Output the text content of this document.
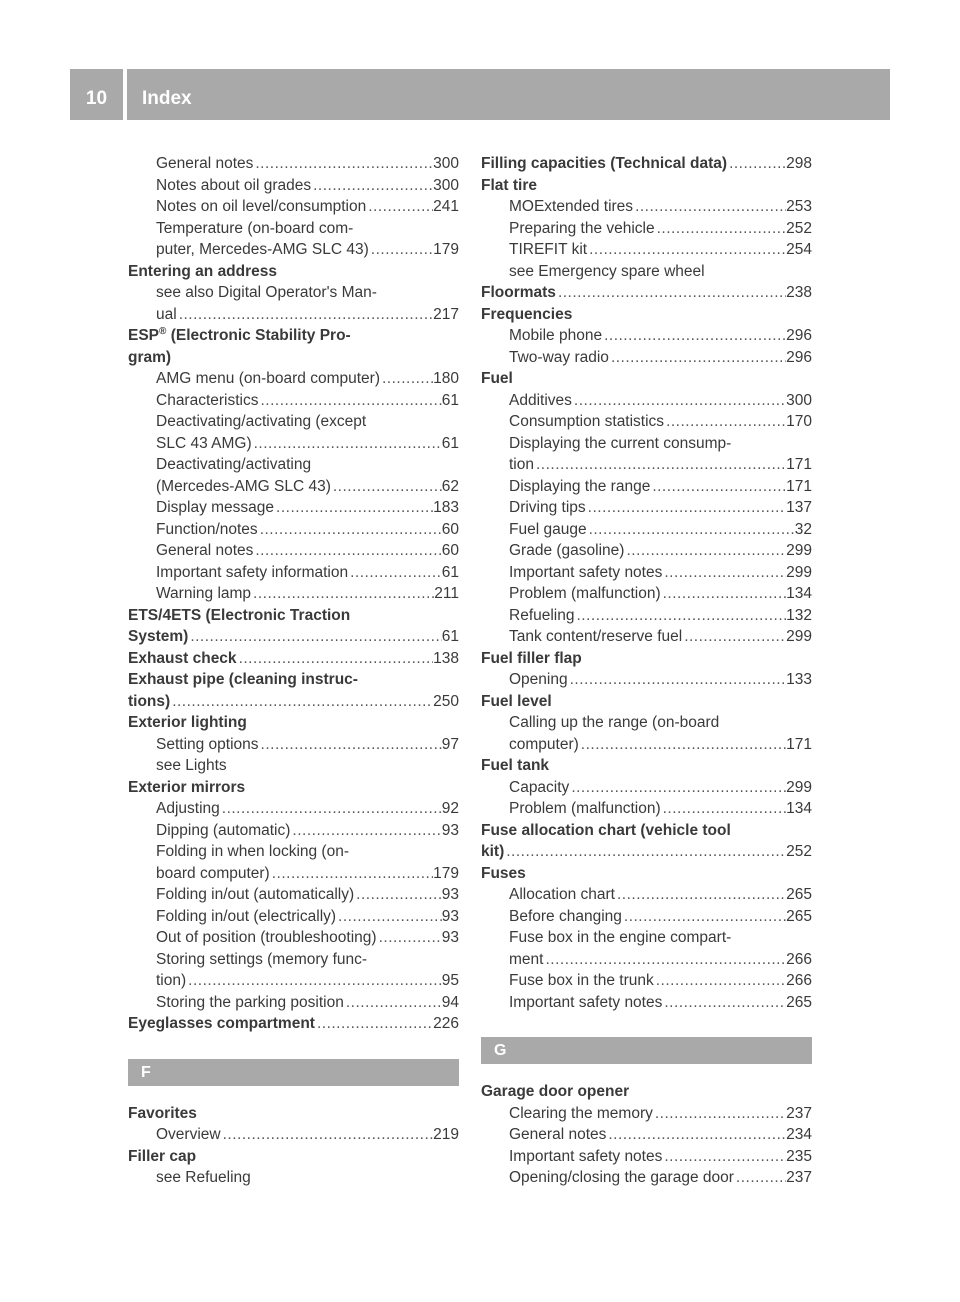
10	Index
General notes .....	300
Notes about oil grades .....	300
Notes on oil level/consumption .....	241
Temperature (on-board com-
puter, Mercedes-AMG SLC 43) .....	179
Entering an address
see also Digital Operator's Man-
ual .....	217
ESP® (Electronic Stability Pro-
gram)
AMG menu (on-board computer) .....	180
Characteristics .....	61
Deactivating/activating (except
SLC 43 AMG) .....	61
Deactivating/activating
(Mercedes-AMG SLC 43) .....	62
Display message .....	183
Function/notes .....	60
General notes .....	60
Important safety information .....	61
Warning lamp .....	211
ETS/4ETS (Electronic Traction
System) .....	61
Exhaust check .....	138
Exhaust pipe (cleaning instruc-
tions) .....	250
Exterior lighting
Setting options .....	97
see Lights
Exterior mirrors
Adjusting .....	92
Dipping (automatic) .....	93
Folding in when locking (on-
board computer) .....	179
Folding in/out (automatically) .....	93
Folding in/out (electrically) .....	93
Out of position (troubleshooting) .....	93
Storing settings (memory func-
tion) .....	95
Storing the parking position .....	94
Eyeglasses compartment .....	226
F
Favorites
Overview .....	219
Filler cap
see Refueling
Filling capacities (Technical data) .....	298
Flat tire
MOExtended tires .....	253
Preparing the vehicle .....	252
TIREFIT kit .....	254
see Emergency spare wheel
Floormats .....	238
Frequencies
Mobile phone .....	296
Two-way radio .....	296
Fuel
Additives .....	300
Consumption statistics .....	170
Displaying the current consump-
tion .....	171
Displaying the range .....	171
Driving tips .....	137
Fuel gauge .....	32
Grade (gasoline) .....	299
Important safety notes .....	299
Problem (malfunction) .....	134
Refueling .....	132
Tank content/reserve fuel .....	299
Fuel filler flap
Opening .....	133
Fuel level
Calling up the range (on-board
computer) .....	171
Fuel tank
Capacity .....	299
Problem (malfunction) .....	134
Fuse allocation chart (vehicle tool
kit) .....	252
Fuses
Allocation chart .....	265
Before changing .....	265
Fuse box in the engine compart-
ment .....	266
Fuse box in the trunk .....	266
Important safety notes .....	265
G
Garage door opener
Clearing the memory .....	237
General notes .....	234
Important safety notes .....	235
Opening/closing the garage door .....	237
